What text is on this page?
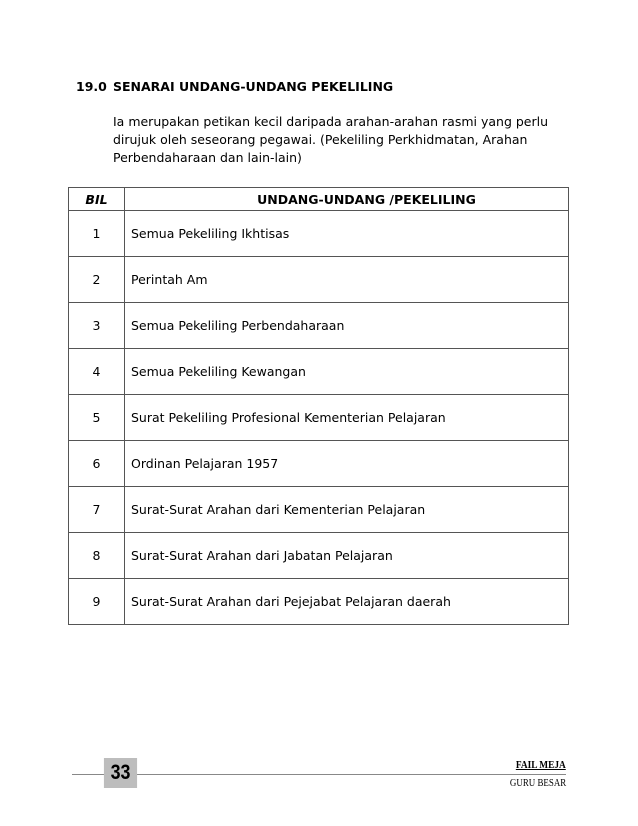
19.0 SENARAI UNDANG-UNDANG PEKELILING
Ia merupakan petikan kecil daripada arahan-arahan rasmi yang perlu dirujuk oleh seseorang pegawai. (Pekeliling Perkhidmatan, Arahan Perbendaharaan dan lain-lain)
BIL	UNDANG-UNDANG /PEKELILING
1	Semua Pekeliling Ikhtisas
2	Perintah Am
3	Semua Pekeliling Perbendaharaan
4	Semua Pekeliling Kewangan
5	Surat Pekeliling Profesional Kementerian Pelajaran
6	Ordinan Pelajaran 1957
7	Surat-Surat Arahan dari Kementerian Pelajaran
8	Surat-Surat Arahan dari Jabatan Pelajaran
9	Surat-Surat Arahan dari Pejejabat Pelajaran daerah
33	FAIL MEJA
GURU BESAR
